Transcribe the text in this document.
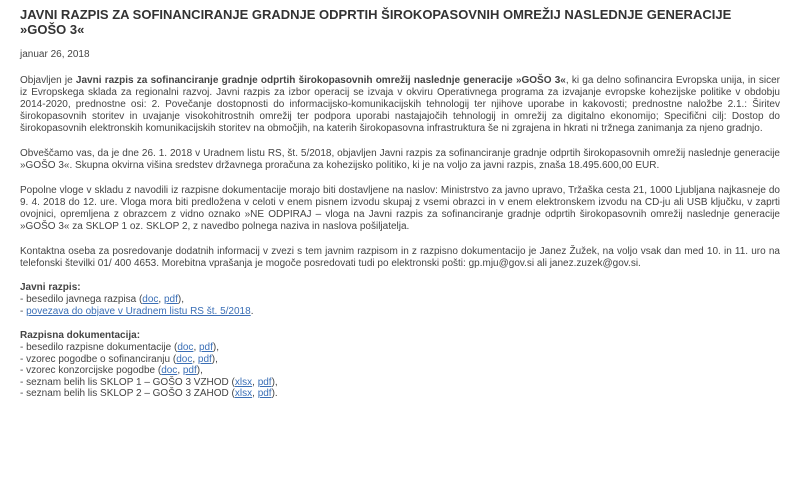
JAVNI RAZPIS ZA SOFINANCIRANJE GRADNJE ODPRTIH ŠIROKOPASOVNIH OMREŽIJ NASLEDNJE GENERACIJE »GOŠO 3«
januar 26, 2018

Objavljen je Javni razpis za sofinanciranje gradnje odprtih širokopasovnih omrežij naslednje generacije »GOŠO 3«, ki ga delno sofinancira Evropska unija, in sicer iz Evropskega sklada za regionalni razvoj. Javni razpis za izbor operacij se izvaja v okviru Operativnega programa za izvajanje evropske kohezijske politike v obdobju 2014-2020, prednostne osi: 2. Povečanje dostopnosti do informacijsko-komunikacijskih tehnologij ter njihove uporabe in kakovosti; prednostne naložbe 2.1.: Širitev širokopasovnih storitev in uvajanje visokohitrostnih omrežij ter podpora uporabi nastajajočih tehnologij in omrežij za digitalno ekonomijo; Specifični cilj: Dostop do širokopasovnih elektronskih komunikacijskih storitev na območjih, na katerih širokopasovna infrastruktura še ni zgrajena in hkrati ni tržnega zanimanja za njeno gradnjo.

Obveščamo vas, da je dne 26. 1. 2018 v Uradnem listu RS, št. 5/2018, objavljen Javni razpis za sofinanciranje gradnje odprtih širokopasovnih omrežij naslednje generacije »GOŠO 3«. Skupna okvirna višina sredstev državnega proračuna za kohezijsko politiko, ki je na voljo za javni razpis, znaša 18.495.600,00 EUR.

Popolne vloge v skladu z navodili iz razpisne dokumentacije morajo biti dostavljene na naslov: Ministrstvo za javno upravo, Tržaška cesta 21, 1000 Ljubljana najkasneje do 9. 4. 2018 do 12. ure. Vloga mora biti predložena v celoti v enem pisnem izvodu skupaj z vsemi obrazci in v enem elektronskem izvodu na CD-ju ali USB ključku, v zaprti ovojnici, opremljena z obrazcem z vidno oznako »NE ODPIRAJ – vloga na Javni razpis za sofinanciranje gradnje odprtih širokopasovnih omrežij naslednje generacije »GOŠO 3« za SKLOP 1 oz. SKLOP 2, z navedbo polnega naziva in naslova pošiljatelja.

Kontaktna oseba za posredovanje dodatnih informacij v zvezi s tem javnim razpisom in z razpisno dokumentacijo je Janez Žužek, na voljo vsak dan med 10. in 11. uro na telefonski številki 01/ 400 4653. Morebitna vprašanja je mogoče posredovati tudi po elektronski pošti: gp.mju@gov.si ali janez.zuzek@gov.si.

Javni razpis:
- besedilo javnega razpisa (doc, pdf),
- povezava do objave v Uradnem listu RS št. 5/2018.
Razpisna dokumentacija:
- besedilo razpisne dokumentacije (doc, pdf),
- vzorec pogodbe o sofinanciranju (doc, pdf),
- vzorec konzorcijske pogodbe (doc, pdf),
- seznam belih lis SKLOP 1 – GOŠO 3 VZHOD (xlsx, pdf),
- seznam belih lis SKLOP 2 – GOŠO 3 ZAHOD (xlsx, pdf).
